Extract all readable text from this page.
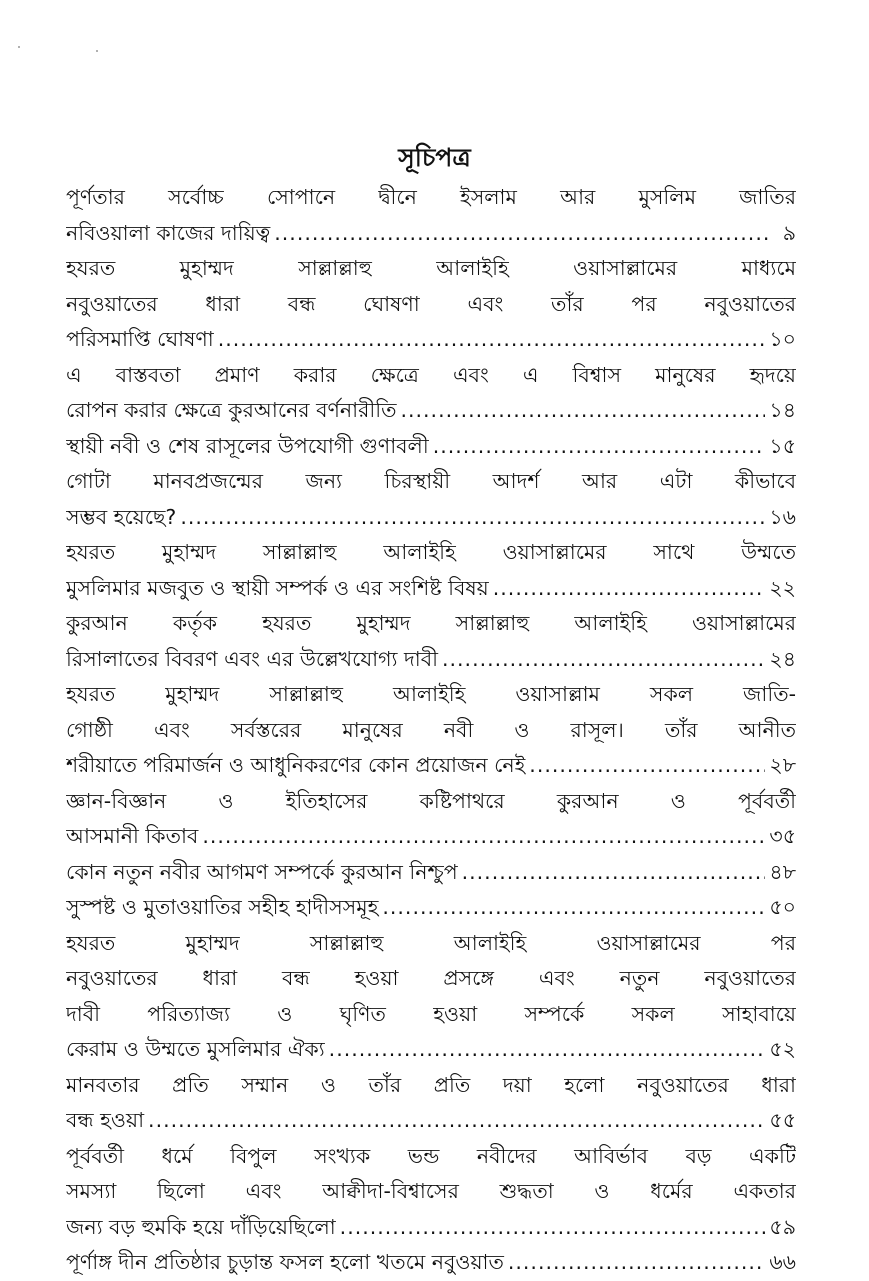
সূচিপত্র
পূর্ণতার সর্বোচ্চ সোপানে দ্বীনে ইসলাম আর মুসলিম জাতির
নবিওয়ালা কাজের দায়িত্ব .....	৯
হযরত মুহাম্মদ সাল্লাল্লাহু আলাইহি ওয়াসাল্লামের মাধ্যমে
নবুওয়াতের ধারা বন্ধ ঘোষণা এবং তাঁর পর নবুওয়াতের
পরিসমাপ্তি ঘোষণা .....	১০
এ বাস্তবতা প্রমাণ করার ক্ষেত্রে এবং এ বিশ্বাস মানুষের হৃদয়ে
রোপন করার ক্ষেত্রে কুরআনের বর্ণনারীতি .....	১৪
স্থায়ী নবী ও শেষ রাসূলের উপযোগী গুণাবলী .....	১৫
গোটা মানবপ্রজন্মের জন্য চিরস্থায়ী আদর্শ আর এটা কীভাবে
সম্ভব হয়েছে? .....	১৬
হযরত মুহাম্মদ সাল্লাল্লাহু আলাইহি ওয়াসাল্লামের সাথে উম্মতে
মুসলিমার মজবুত ও স্থায়ী সম্পর্ক ও এর সংশিষ্ট বিষয় .....	২২
কুরআন কর্তৃক হযরত মুহাম্মদ সাল্লাল্লাহু আলাইহি ওয়াসাল্লামের
রিসালাতের বিবরণ এবং এর উল্লেখযোগ্য দাবী .....	২৪
হযরত মুহাম্মদ সাল্লাল্লাহু আলাইহি ওয়াসাল্লাম সকল জাতি-
গোষ্ঠী এবং সর্বস্তরের মানুষের নবী ও রাসূল। তাঁর আনীত
শরীয়াতে পরিমার্জন ও আধুনিকরণের কোন প্রয়োজন নেই .....	২৮
জ্ঞান-বিজ্ঞান ও ইতিহাসের কষ্টিপাথরে কুরআন ও পূর্ববর্তী
আসমানী কিতাব .....	৩৫
কোন নতুন নবীর আগমণ সম্পর্কে কুরআন নিশ্চুপ .....	৪৮
সুস্পষ্ট ও মুতাওয়াতির সহীহ হাদীসসমূহ .....	৫০
হযরত মুহাম্মদ সাল্লাল্লাহু আলাইহি ওয়াসাল্লামের পর
নবুওয়াতের ধারা বন্ধ হওয়া প্রসঙ্গে এবং নতুন নবুওয়াতের
দাবী পরিত্যাজ্য ও ঘৃণিত হওয়া সম্পর্কে সকল সাহাবায়ে
কেরাম ও উম্মতে মুসলিমার ঐক্য .....	৫২
মানবতার প্রতি সম্মান ও তাঁর প্রতি দয়া হলো নবুওয়াতের ধারা
বন্ধ হওয়া .....	৫৫
পূর্ববর্তী ধর্মে বিপুল সংখ্যক ভন্ড নবীদের আবির্ভাব বড় একটি
সমস্যা ছিলো এবং আক্বীদা-বিশ্বাসের শুদ্ধতা ও ধর্মের একতার
জন্য বড় হুমকি হয়ে দাঁড়িয়েছিলো .....	৫৯
পূর্ণাঙ্গ দীন প্রতিষ্ঠার চুড়ান্ত ফসল হলো খতমে নবুওয়াত .....	৬৬
